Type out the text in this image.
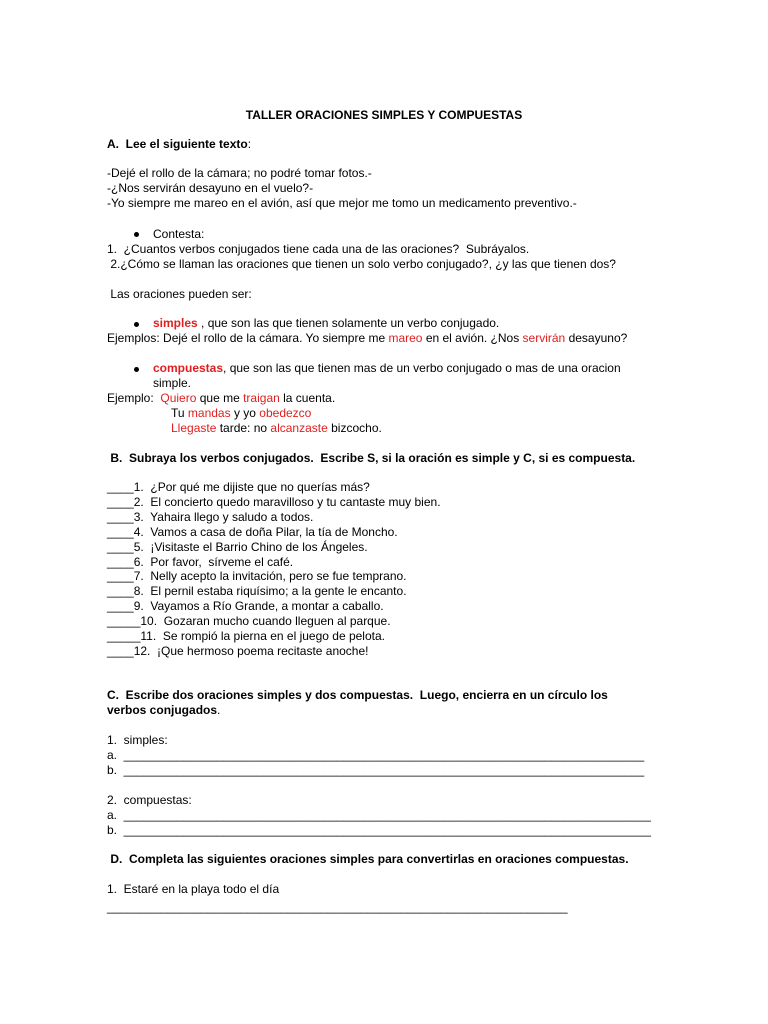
TALLER ORACIONES SIMPLES Y COMPUESTAS
A.  Lee el siguiente texto:
-Dejé el rollo de la cámara; no podré tomar fotos.-
-¿Nos servirán desayuno en el vuelo?-
-Yo siempre me mareo en el avión, así que mejor me tomo un medicamento preventivo.-
Contesta:
1.  ¿Cuantos verbos conjugados tiene cada una de las oraciones?  Subráyalos.
2.¿Cómo se llaman las oraciones que tienen un solo verbo conjugado?, ¿y las que tienen dos?
Las oraciones pueden ser:
simples , que son las que tienen solamente un verbo conjugado.
Ejemplos: Dejé el rollo de la cámara. Yo siempre me mareo en el avión. ¿Nos servirán desayuno?
compuestas, que son las que tienen mas de un verbo conjugado o mas de una oracion
simple.
Ejemplo:  Quiero que me traigan la cuenta.
Tu mandas y yo obedezco
Llegaste tarde: no alcanzaste bizcocho.
B.  Subraya los verbos conjugados.  Escribe S, si la oración es simple y C, si es compuesta.
____1.  ¿Por qué me dijiste que no querías más?
____2.  El concierto quedo maravilloso y tu cantaste muy bien.
____3.  Yahaira llego y saludo a todos.
____4.  Vamos a casa de doña Pilar, la tía de Moncho.
____5.  ¡Visitaste el Barrio Chino de los Ángeles.
____6.  Por favor,  sírveme el café.
____7.  Nelly acepto la invitación, pero se fue temprano.
____8.  El pernil estaba riquísimo; a la gente le encanto.
____9.  Vayamos a Río Grande, a montar a caballo.
_____10.  Gozaran mucho cuando lleguen al parque.
_____11.  Se rompió la pierna en el juego de pelota.
____12.  ¡Que hermoso poema recitaste anoche!
C.  Escribe dos oraciones simples y dos compuestas.  Luego, encierra en un círculo los
verbos conjugados.
1.  simples:
a.  ______________________________________________________________________________
b.  ______________________________________________________________________________
2.  compuestas:
a.  _______________________________________________________________________________
b.  _______________________________________________________________________________
D.  Completa las siguientes oraciones simples para convertirlas en oraciones compuestas.
1.  Estaré en la playa todo el día
_____________________________________________________________________
